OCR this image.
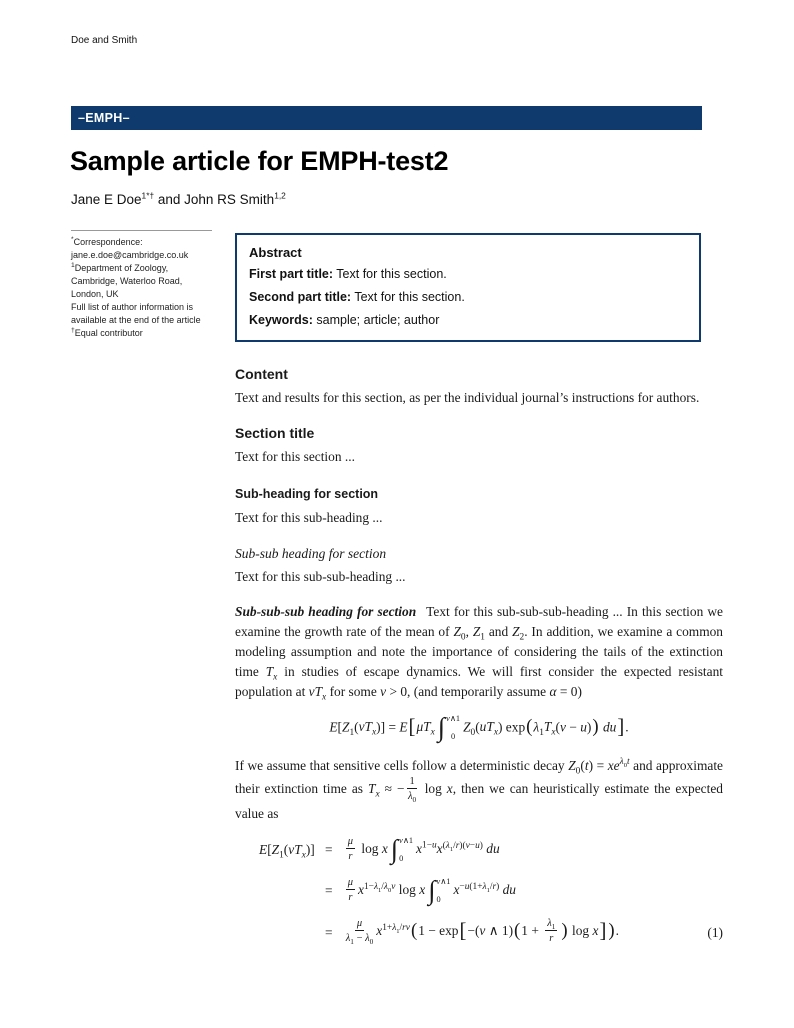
Doe and Smith
–EMPH–
Sample article for EMPH-test2
Jane E Doe$^{1*\dagger}$ and John RS Smith$^{1,2}$
*Correspondence:
jane.e.doe@cambridge.co.uk
$^1$Department of Zoology,
Cambridge, Waterloo Road,
London, UK
Full list of author information is
available at the end of the article
†Equal contributor
Abstract
First part title: Text for this section.
Second part title: Text for this section.
Keywords: sample; article; author
Content

Text and results for this section, as per the individual journal’s instructions for authors.

Section title

Text for this section ...

Sub-heading for section

Text for this sub-heading ...

Sub-sub heading for section

Text for this sub-sub-heading ...

Sub-sub-sub heading for section Text for this sub-sub-sub-heading ... In this section we examine the growth rate of the mean of $Z_0$, $Z_1$ and $Z_2$. In addition, we examine a common modeling assumption and note the importance of considering the tails of the extinction time $T_x$ in studies of escape dynamics. We will first consider the expected resistant population at $vT_x$ for some v > 0, (and temporarily assume α = 0)

$E[Z_1(vT_x)] = E[\mu T_x$ ∫ v∧1
0
$Z_0(uT_x) \exp(\lambda_1T_x(v - u))$ du].

If we assume that sensitive cells follow a deterministic decay $Z_0(t) = xe^{\lambda_0t}$ and approximate their extinction time as $T_x$ ≈ − $\frac{1}{\lambda_0}$ log x, then we can heuristically estimate the expected value as

$E[Z_1(vT_x)] = \frac{\mu}{r}$ log x ∫ v∧1
0
$x^{1-u}x^{(\lambda_1/r)(v-u)}$ du
= $\frac{\mu}{r} x^{1-\lambda_1/\lambda_0v}$ log x ∫ v∧1
0
$x^{-u(1+\lambda_1/r)}$ du
= $\frac{\mu}{\lambda_1 - \lambda_0} x^{1+\lambda_1/rv}(1 - \exp[-(v$ ∧ $1)(1 + \frac{\lambda_1}{r}$ ) log x] ).	(1)
